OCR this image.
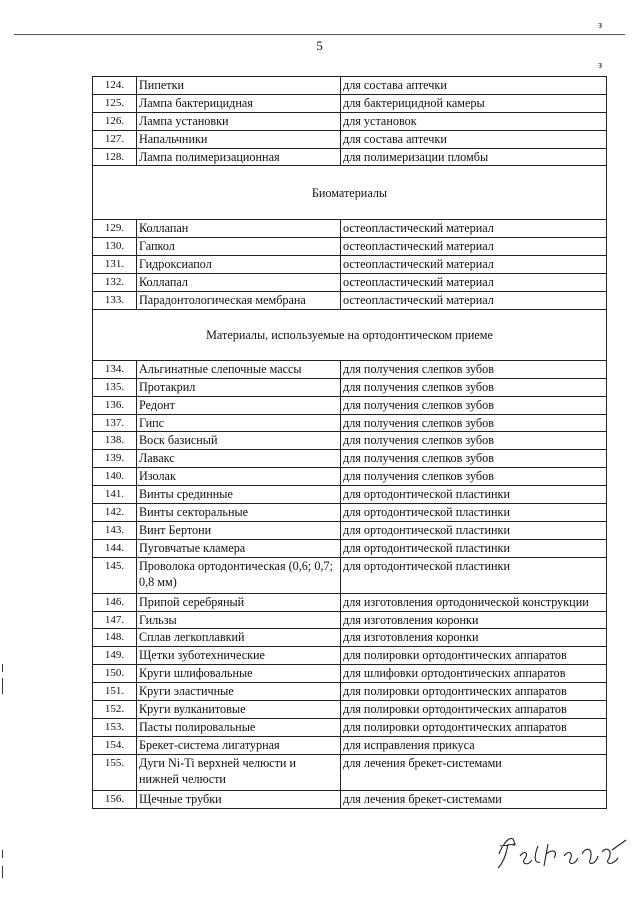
з
з
5
124.	Пипетки	для состава аптечки
125.	Лампа бактерицидная	для бактерицидной камеры
126.	Лампа установки	для установок
127.	Напальчники	для состава аптечки
128.	Лампа полимеризационная	для полимеризации пломбы
Биоматериалы		
129.	Коллапан	остеопластический материал
130.	Гапкол	остеопластический материал
131.	Гидроксиапол	остеопластический материал
132.	Коллапал	остеопластический материал
133.	Парадонтологическая мембрана	остеопластический материал
Материалы, используемые на ортодонтическом приеме		
134.	Альгинатные слепочные массы	для получения слепков зубов
135.	Протакрил	для получения слепков зубов
136.	Редонт	для получения слепков зубов
137.	Гипс	для получения слепков зубов
138.	Воск базисный	для получения слепков зубов
139.	Лавакс	для получения слепков зубов
140.	Изолак	для получения слепков зубов
141.	Винты срединные	для ортодонтической пластинки
142.	Винты секторальные	для ортодонтической пластинки
143.	Винт Бертони	для ортодонтической пластинки
144.	Пуговчатые кламера	для ортодонтической пластинки
145.	Проволока ортодонтическая (0,6; 0,7; 0,8 мм)	для ортодонтической пластинки
146.	Припой серебряный	для изготовления ортодонической конструкции
147.	Гильзы	для изготовления коронки
148.	Сплав легкоплавкий	для изготовления коронки
149.	Щетки зуботехнические	для полировки ортодонтических аппаратов
150.	Круги шлифовальные	для шлифовки ортодонтических аппаратов
151.	Круги эластичные	для полировки ортодонтических аппаратов
152.	Круги вулканитовые	для полировки ортодонтических аппаратов
153.	Пасты полировальные	для полировки ортодонтических аппаратов
154.	Брекет-система лигатурная	для исправления прикуса
155.	Дуги Ni-Ti верхней челюсти и нижней челюсти	для лечения брекет-системами
156.	Щечные трубки	для лечения брекет-системами
